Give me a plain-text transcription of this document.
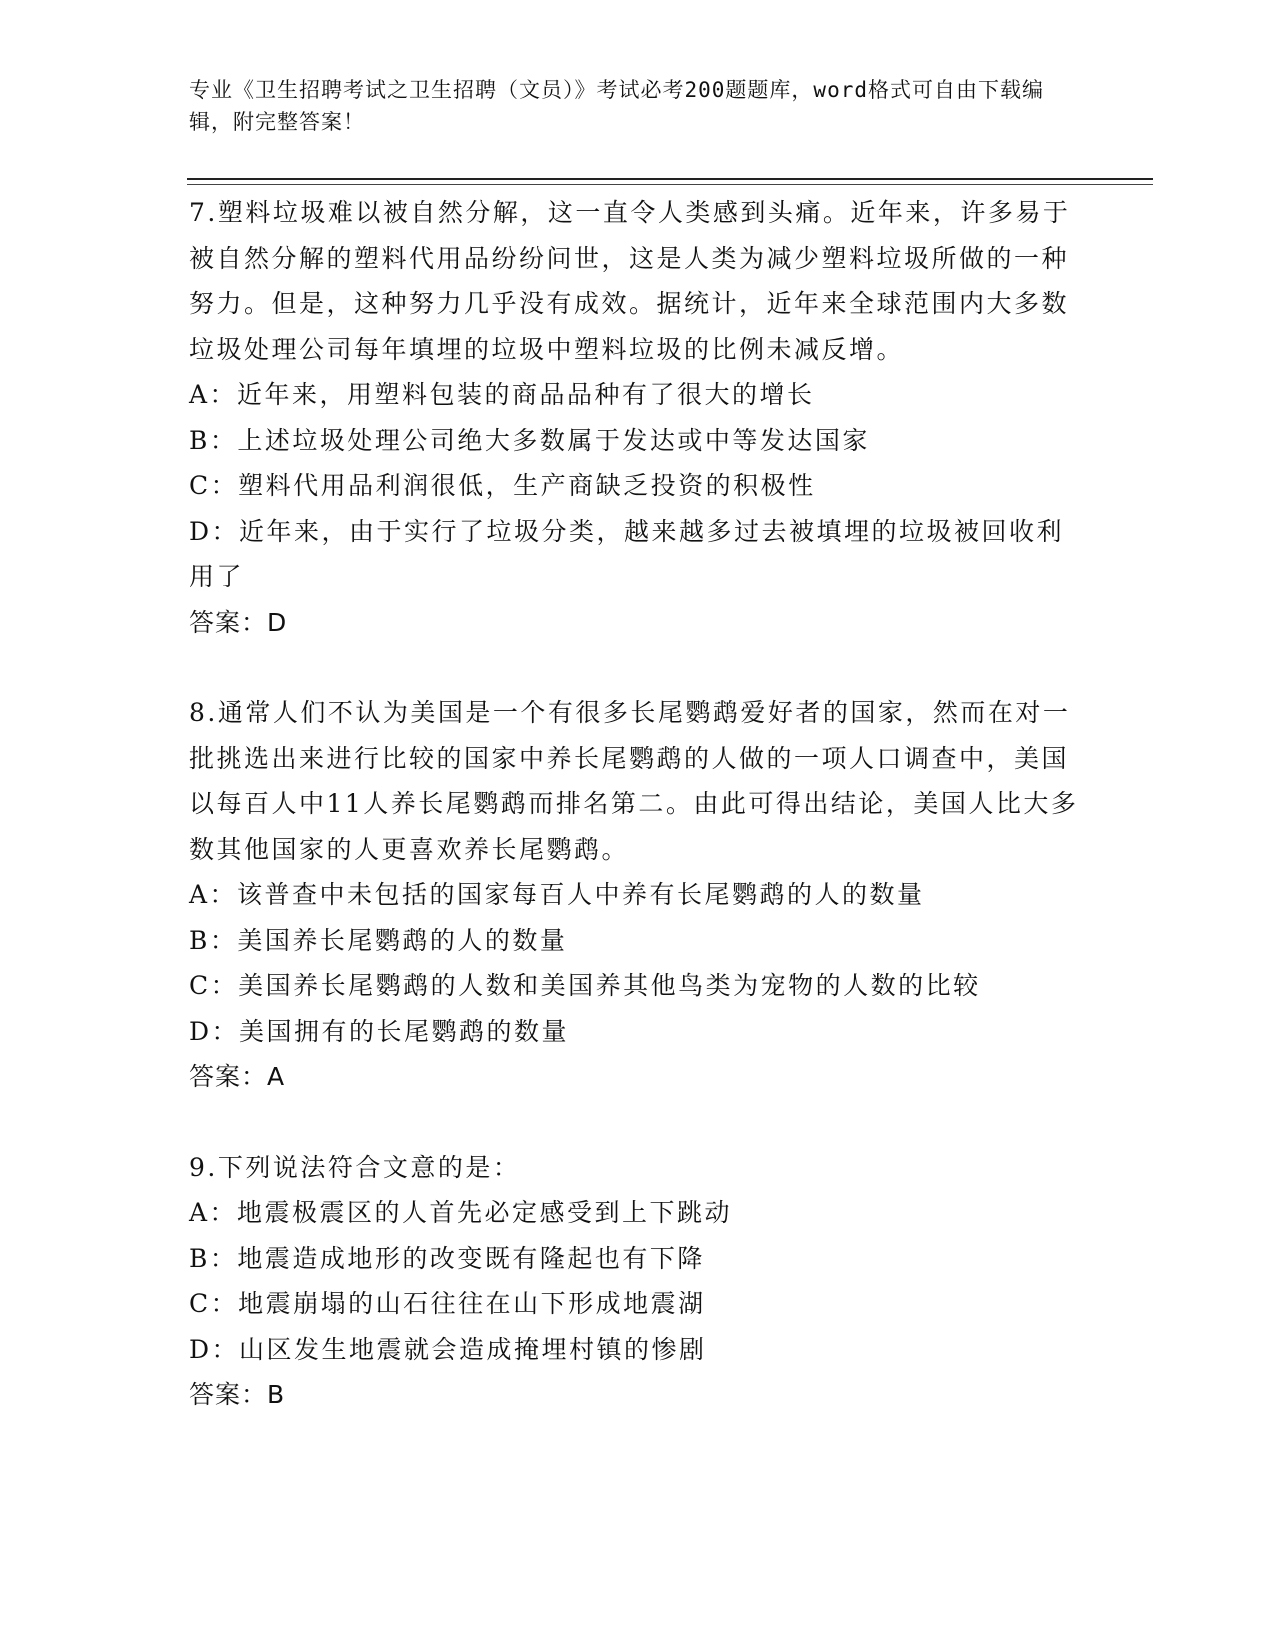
专业《卫生招聘考试之卫生招聘（文员）》考试必考200题题库，word格式可自由下载编辑，附完整答案！

7.塑料垃圾难以被自然分解，这一直令人类感到头痛。近年来，许多易于被自然分解的塑料代用品纷纷问世，这是人类为减少塑料垃圾所做的一种努力。但是，这种努力几乎没有成效。据统计，近年来全球范围内大多数垃圾处理公司每年填埋的垃圾中塑料垃圾的比例未减反增。

A：近年来，用塑料包装的商品品种有了很大的增长

B：上述垃圾处理公司绝大多数属于发达或中等发达国家

C：塑料代用品利润很低，生产商缺乏投资的积极性

D：近年来，由于实行了垃圾分类，越来越多过去被填埋的垃圾被回收利用了

答案：D

8.通常人们不认为美国是一个有很多长尾鹦鹉爱好者的国家，然而在对一批挑选出来进行比较的国家中养长尾鹦鹉的人做的一项人口调查中，美国以每百人中11人养长尾鹦鹉而排名第二。由此可得出结论，美国人比大多数其他国家的人更喜欢养长尾鹦鹉。

A：该普查中未包括的国家每百人中养有长尾鹦鹉的人的数量

B：美国养长尾鹦鹉的人的数量

C：美国养长尾鹦鹉的人数和美国养其他鸟类为宠物的人数的比较

D：美国拥有的长尾鹦鹉的数量

答案：A

9.下列说法符合文意的是：

A：地震极震区的人首先必定感受到上下跳动

B：地震造成地形的改变既有隆起也有下降

C：地震崩塌的山石往往在山下形成地震湖

D：山区发生地震就会造成掩埋村镇的惨剧

答案：B
